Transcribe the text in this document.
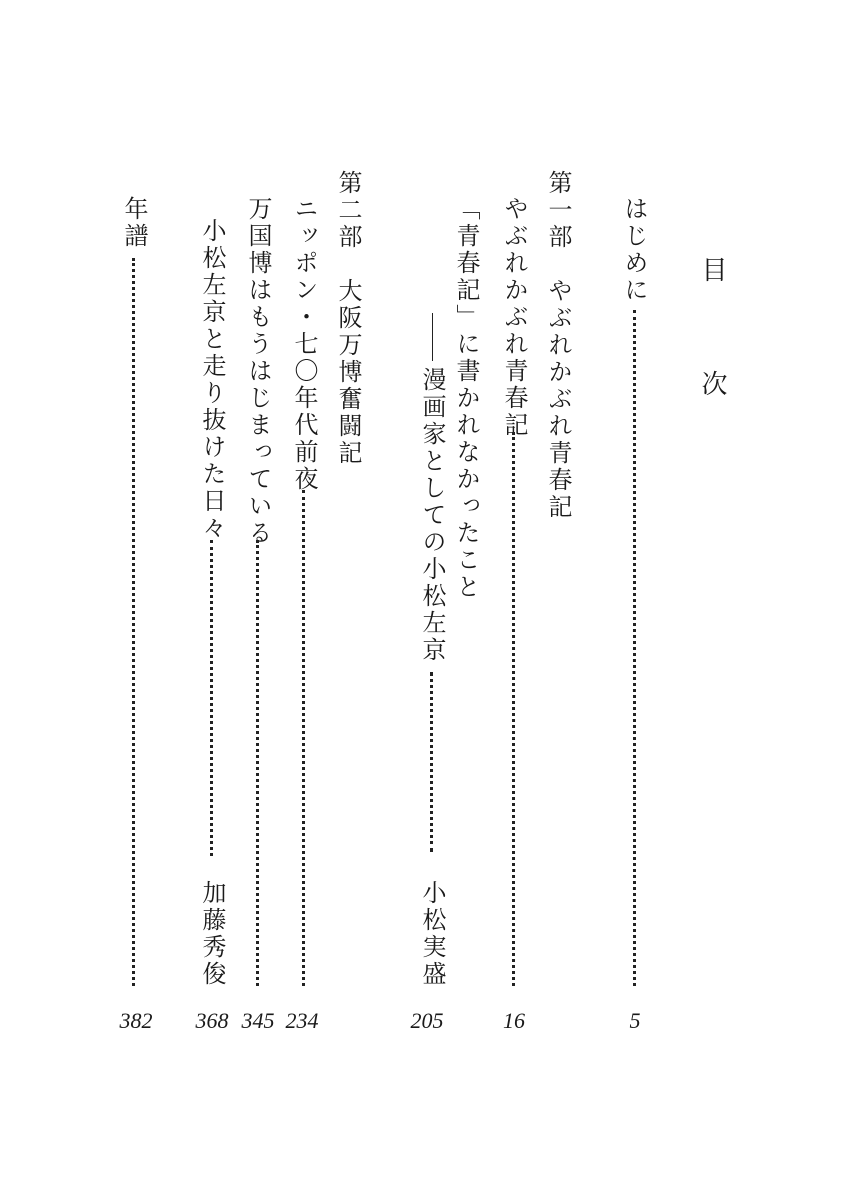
目
次
はじめに
5
第一部　やぶれかぶれ青春記
やぶれかぶれ青春記
16
「青春記」に書かれなかったこと
漫画家としての小松左京
小松実盛
205
第二部　大阪万博奮闘記
ニッポン・七〇年代前夜
234
万国博はもうはじまっている
345
小松左京と走り抜けた日々
加藤秀俊
368
年譜
382
